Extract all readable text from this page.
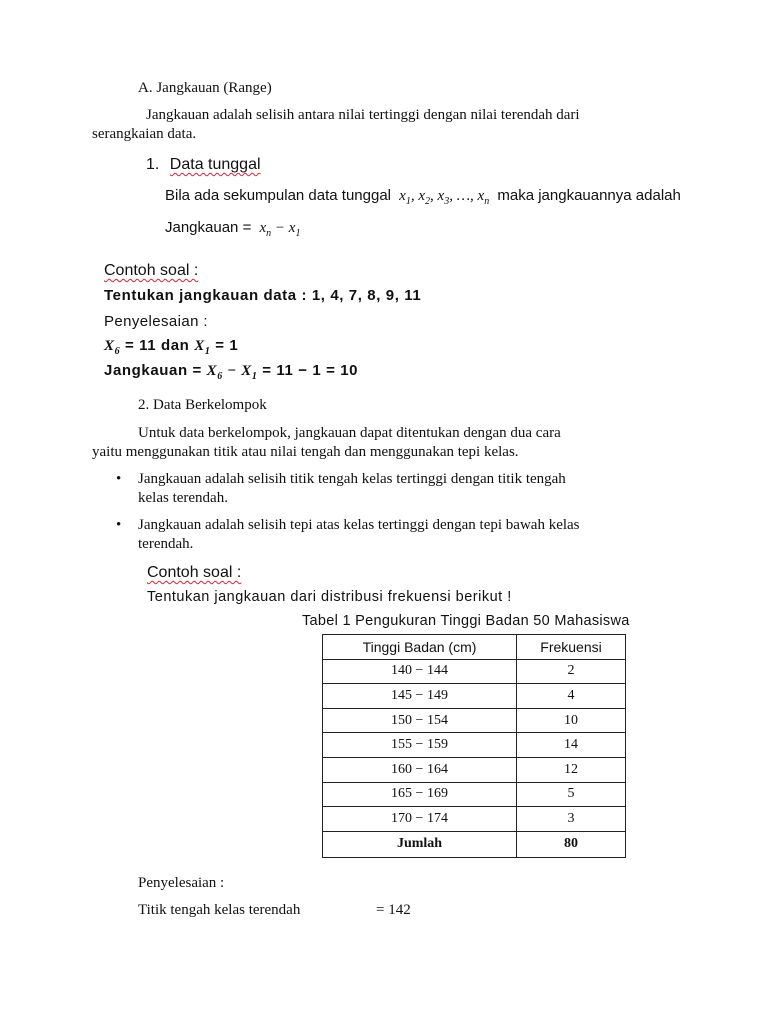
A. Jangkauan (Range)
Jangkauan adalah selisih antara nilai tertinggi dengan nilai terendah dari
serangkaian data.
1. Data tunggal
Bila ada sekumpulan data tunggal $x_1$, $x_2$, $x_3$, …, $x_n$ maka jangkauannya adalah
Jangkauan = $x_n - x_1$
Contoh soal :
Tentukan jangkauan data : 1, 4, 7, 8, 9, 11
Penyelesaian :
$X_6 = 11$ dan $X_1 = 1$
Jangkauan = $X_6 - X_1 = 11 - 1 = 10$
2. Data Berkelompok
Untuk data berkelompok, jangkauan dapat ditentukan dengan dua cara
yaitu menggunakan titik atau nilai tengah dan menggunakan tepi kelas.
• Jangkauan adalah selisih titik tengah kelas tertinggi dengan titik tengah
kelas terendah.
• Jangkauan adalah selisih tepi atas kelas tertinggi dengan tepi bawah kelas
terendah.
Contoh soal :
Tentukan jangkauan dari distribusi frekuensi berikut !
Tabel 1 Pengukuran Tinggi Badan 50 Mahasiswa
Tinggi Badan (cm)	Frekuensi
140 − 144	2
145 − 149	4
150 − 154	10
155 − 159	14
160 − 164	12
165 − 169	5
170 − 174	3
Jumlah	80
Penyelesaian :
Titik tengah kelas terendah	= 142
